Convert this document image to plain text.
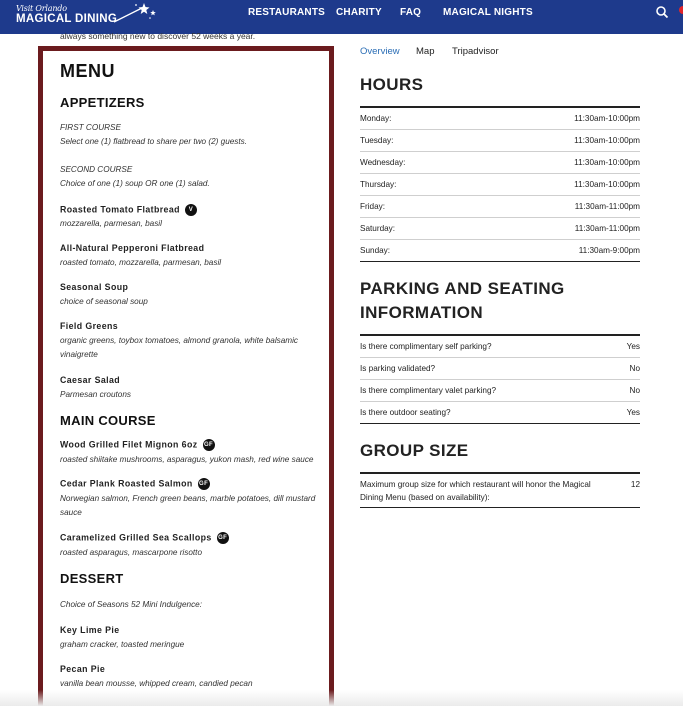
Visit Orlando
MAGICAL DINING
RESTAURANTS CHARITY FAQ MAGICAL NIGHTS
always something new to discover 52 weeks a year.
MENU
APPETIZERS
FIRST COURSE
Select one (1) flatbread to share per two (2) guests.
SECOND COURSE
Choice of one (1) soup OR one (1) salad.
Roasted Tomato Flatbread V
mozzarella, parmesan, basil
All-Natural Pepperoni Flatbread
roasted tomato, mozzarella, parmesan, basil
Seasonal Soup
choice of seasonal soup
Field Greens
organic greens, toybox tomatoes, almond granola, white balsamic
vinaigrette
Caesar Salad
Parmesan croutons
MAIN COURSE
Wood Grilled Filet Mignon 6oz GF
roasted shiitake mushrooms, asparagus, yukon mash, red wine sauce
Cedar Plank Roasted Salmon GF
Norwegian salmon, French green beans, marble potatoes, dill mustard
sauce
Caramelized Grilled Sea Scallops GF
roasted asparagus, mascarpone risotto
DESSERT
Choice of Seasons 52 Mini Indulgence:
Key Lime Pie
graham cracker, toasted meringue
Pecan Pie
vanilla bean mousse, whipped cream, candied pecan
Overview Map Tripadvisor
HOURS
Monday:	11:30am-10:00pm
Tuesday:	11:30am-10:00pm
Wednesday:	11:30am-10:00pm
Thursday:	11:30am-10:00pm
Friday:	11:30am-11:00pm
Saturday:	11:30am-11:00pm
Sunday:	11:30am-9:00pm
PARKING AND SEATING
INFORMATION
Is there complimentary self parking?	Yes
Is parking validated?	No
Is there complimentary valet parking?	No
Is there outdoor seating?	Yes
GROUP SIZE
Maximum group size for which restaurant will honor the Magical Dining Menu (based on availability):
12
